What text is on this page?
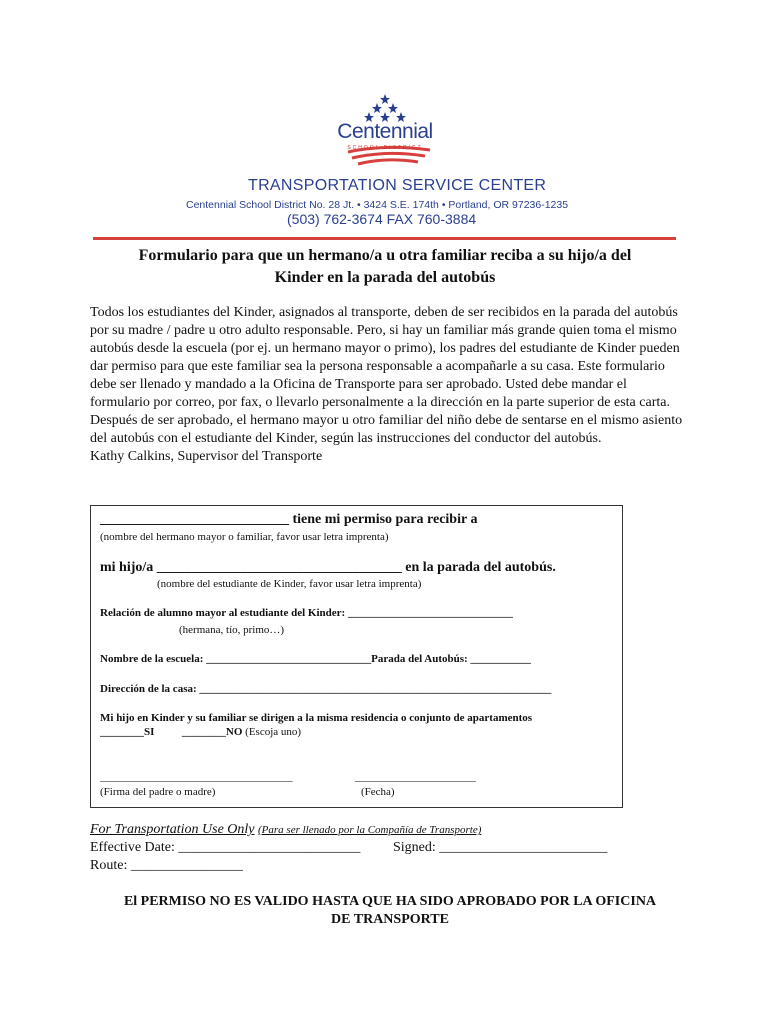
Centennial
SCHOOL DISTRICT
TRANSPORTATION SERVICE CENTER
Centennial School District No. 28 Jt. • 3424 S.E. 174th • Portland, OR 97236-1235
(503) 762-3674 FAX 760-3884
Formulario para que un hermano/a u otra familiar reciba a su hijo/a del
Kinder en la parada del autobús

Todos los estudiantes del Kinder, asignados al transporte, deben de ser recibidos en la parada del autobús por su madre / padre u otro adulto responsable. Pero, si hay un familiar más grande quien toma el mismo autobús desde la escuela (por ej. un hermano mayor o primo), los padres del estudiante de Kinder pueden dar permiso para que este familiar sea la persona responsable a acompañarle a su casa. Este formulario debe ser llenado y mandado a la Oficina de Transporte para ser aprobado. Usted debe mandar el formulario por correo, por fax, o llevarlo personalmente a la dirección en la parte superior de esta carta. Después de ser aprobado, el hermano mayor u otro familiar del niño debe de sentarse en el mismo asiento del autobús con el estudiante del Kinder, según las instrucciones del conductor del autobús.

Kathy Calkins, Supervisor del Transporte

___________________________ tiene mi permiso para recibir a
(nombre del hermano mayor o familiar, favor usar letra imprenta)
mi hijo/a ___________________________________ en la parada del autobús.
(nombre del estudiante de Kinder, favor usar letra imprenta)
Relación de alumno mayor al estudiante del Kinder: ______________________________
(hermana, tío, primo…)
Nombre de la escuela: ______________________________Parada del Autobús: ___________
Dirección de la casa: ________________________________________________________________
Mi hijo en Kinder y su familiar se dirigen a la misma residencia o conjunto de apartamentos
________SI	________NO (Escoja uno)
___________________________________	______________________
(Firma del padre o madre)	(Fecha)
For Transportation Use Only (Para ser llenado por la Compañía de Transporte)
Effective Date: __________________________ Signed: ________________________
Route: ________________
El PERMISO NO ES VALIDO HASTA QUE HA SIDO APROBADO POR LA OFICINA
DE TRANSPORTE
